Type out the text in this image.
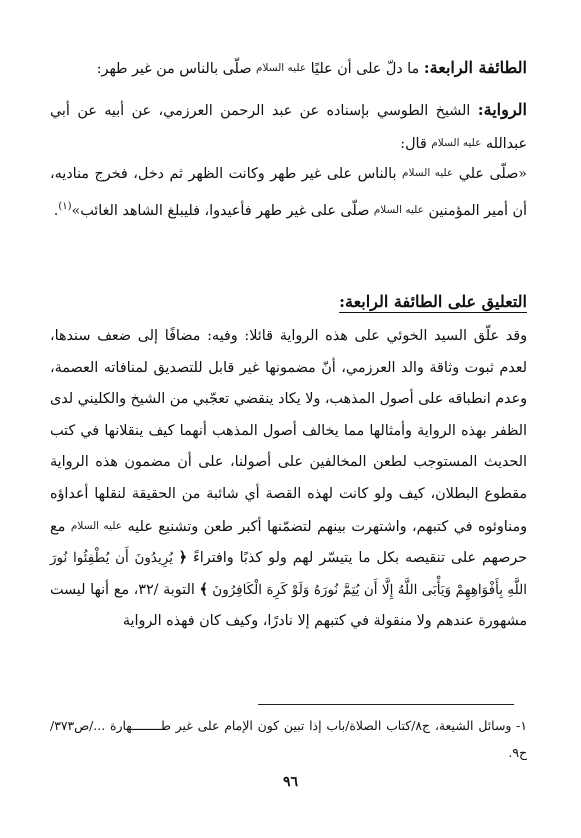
الطائفة الرابعة: ما دلّ على أن عليًا عليه السلام صلّى بالناس من غير طهر:

الرواية: الشيخ الطوسي بإسناده عن عبد الرحمن العرزمي، عن أبيه عن أبي عبدالله عليه السلام قال:

«صلّى علي عليه السلام بالناس على غير طهر وكانت الظهر ثم دخل، فخرج مناديه، أن أمير المؤمنين عليه السلام صلّى على غير طهر فأعيدوا، فليبلغ الشاهد الغائب»$^{(١)}$.

التعليق على الطائفة الرابعة:

وقد علّق السيد الخوئي على هذه الرواية قائلا: وفيه: مضافًا إلى ضعف سندها، لعدم ثبوت وثاقة والد العرزمي، أنّ مضمونها غير قابل للتصديق لمنافاته العصمة، وعدم انطباقه على أصول المذهب، ولا يكاد ينقضي تعجّبي من الشيخ والكليني لدى الظفر بهذه الرواية وأمثالها مما يخالف أصول المذهب أنهما كيف ينقلانها في كتب الحديث المستوجب لطعن المخالفين على أصولنا، على أن مضمون هذه الرواية مقطوع البطلان، كيف ولو كانت لهذه القصة أي شائبة من الحقيقة لنقلها أعداؤه ومناوئوه في كتبهم، واشتهرت بينهم لتضمّنها أكبر طعن وتشنيع عليه عليه السلام مع حرصهم على تنقيصه بكل ما يتيسّر لهم ولو كذبًا وافتراءً ﴿ يُرِيدُونَ أَن يُطْفِئُوا نُورَ اللَّهِ بِأَفْوَاهِهِمْ وَيَأْبَى اللَّهُ إِلَّا أَن يُتِمَّ نُورَهُ وَلَوْ كَرِهَ الْكَافِرُونَ ﴾ التوبة /٣٢، مع أنها ليست مشهورة عندهم ولا منقولة في كتبهم إلا نادرًا، وكيف كان فهذه الرواية

١- وسائل الشيعة، ج٨/كتاب الصلاة/باب إذا تبين كون الإمام على غير طــــــــهارة .../ص٣٧٣/ح٩.

٩٦
